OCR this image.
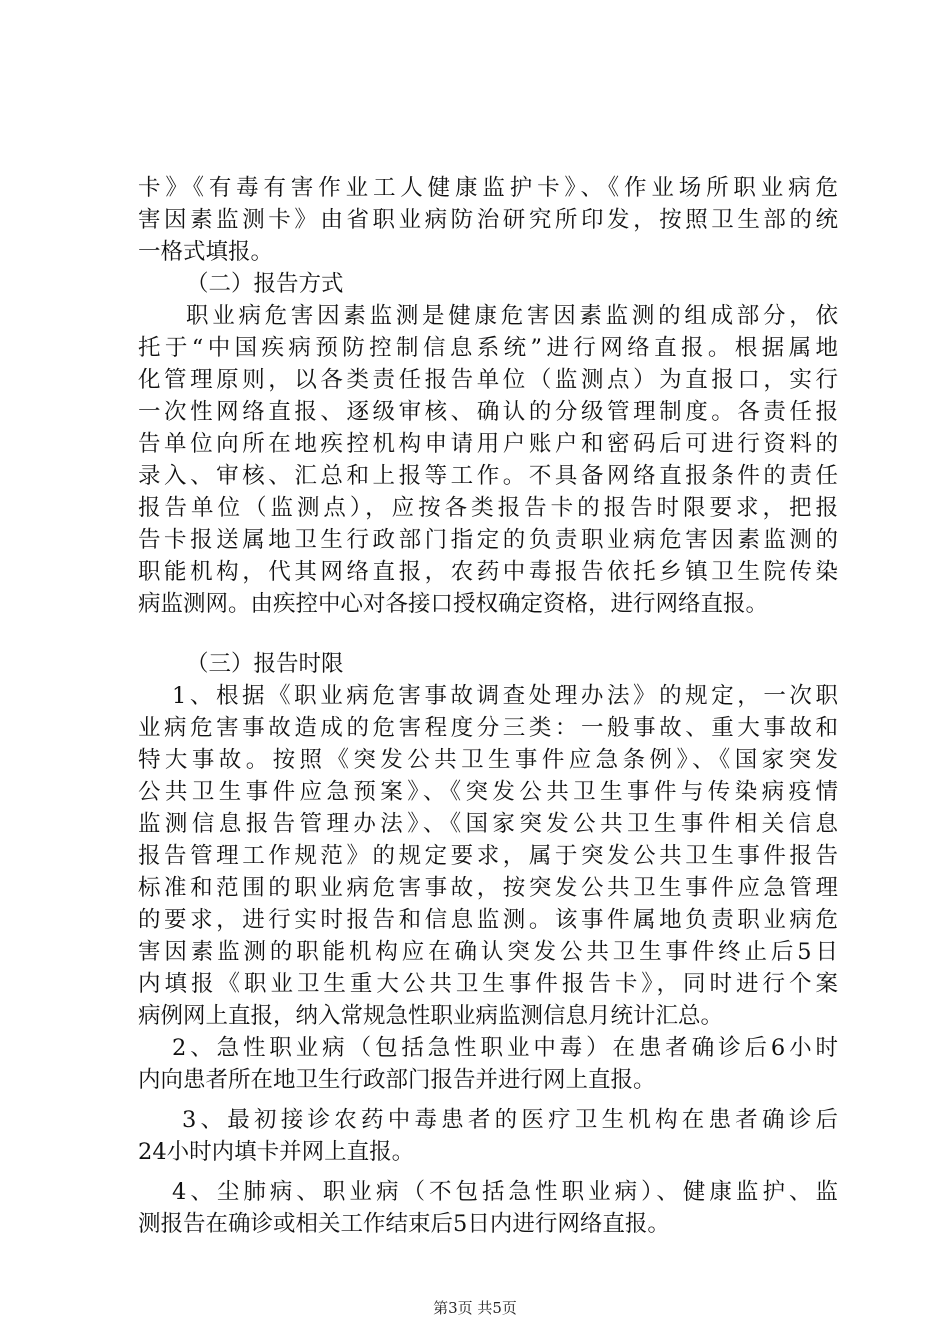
卡》《有毒有害作业工人健康监护卡》、《作业场所职业病危
害因素监测卡》由省职业病防治研究所印发，按照卫生部的统
一格式填报。
（二）报告方式
职业病危害因素监测是健康危害因素监测的组成部分，依
托于“中国疾病预防控制信息系统”进行网络直报。根据属地
化管理原则，以各类责任报告单位（监测点）为直报口，实行
一次性网络直报、逐级审核、确认的分级管理制度。各责任报
告单位向所在地疾控机构申请用户账户和密码后可进行资料的
录入、审核、汇总和上报等工作。不具备网络直报条件的责任
报告单位（监测点），应按各类报告卡的报告时限要求，把报
告卡报送属地卫生行政部门指定的负责职业病危害因素监测的
职能机构，代其网络直报，农药中毒报告依托乡镇卫生院传染
病监测网。由疾控中心对各接口授权确定资格，进行网络直报。
（三）报告时限
1、根据《职业病危害事故调查处理办法》的规定，一次职
业病危害事故造成的危害程度分三类：一般事故、重大事故和
特大事故。按照《突发公共卫生事件应急条例》、《国家突发
公共卫生事件应急预案》、《突发公共卫生事件与传染病疫情
监测信息报告管理办法》、《国家突发公共卫生事件相关信息
报告管理工作规范》的规定要求，属于突发公共卫生事件报告
标准和范围的职业病危害事故，按突发公共卫生事件应急管理
的要求，进行实时报告和信息监测。该事件属地负责职业病危
害因素监测的职能机构应在确认突发公共卫生事件终止后5日
内填报《职业卫生重大公共卫生事件报告卡》，同时进行个案
病例网上直报，纳入常规急性职业病监测信息月统计汇总。
2、急性职业病（包括急性职业中毒）在患者确诊后6小时
内向患者所在地卫生行政部门报告并进行网上直报。
3、最初接诊农药中毒患者的医疗卫生机构在患者确诊后
24小时内填卡并网上直报。
4、尘肺病、职业病（不包括急性职业病）、健康监护、监
测报告在确诊或相关工作结束后5日内进行网络直报。
第3页 共5页
